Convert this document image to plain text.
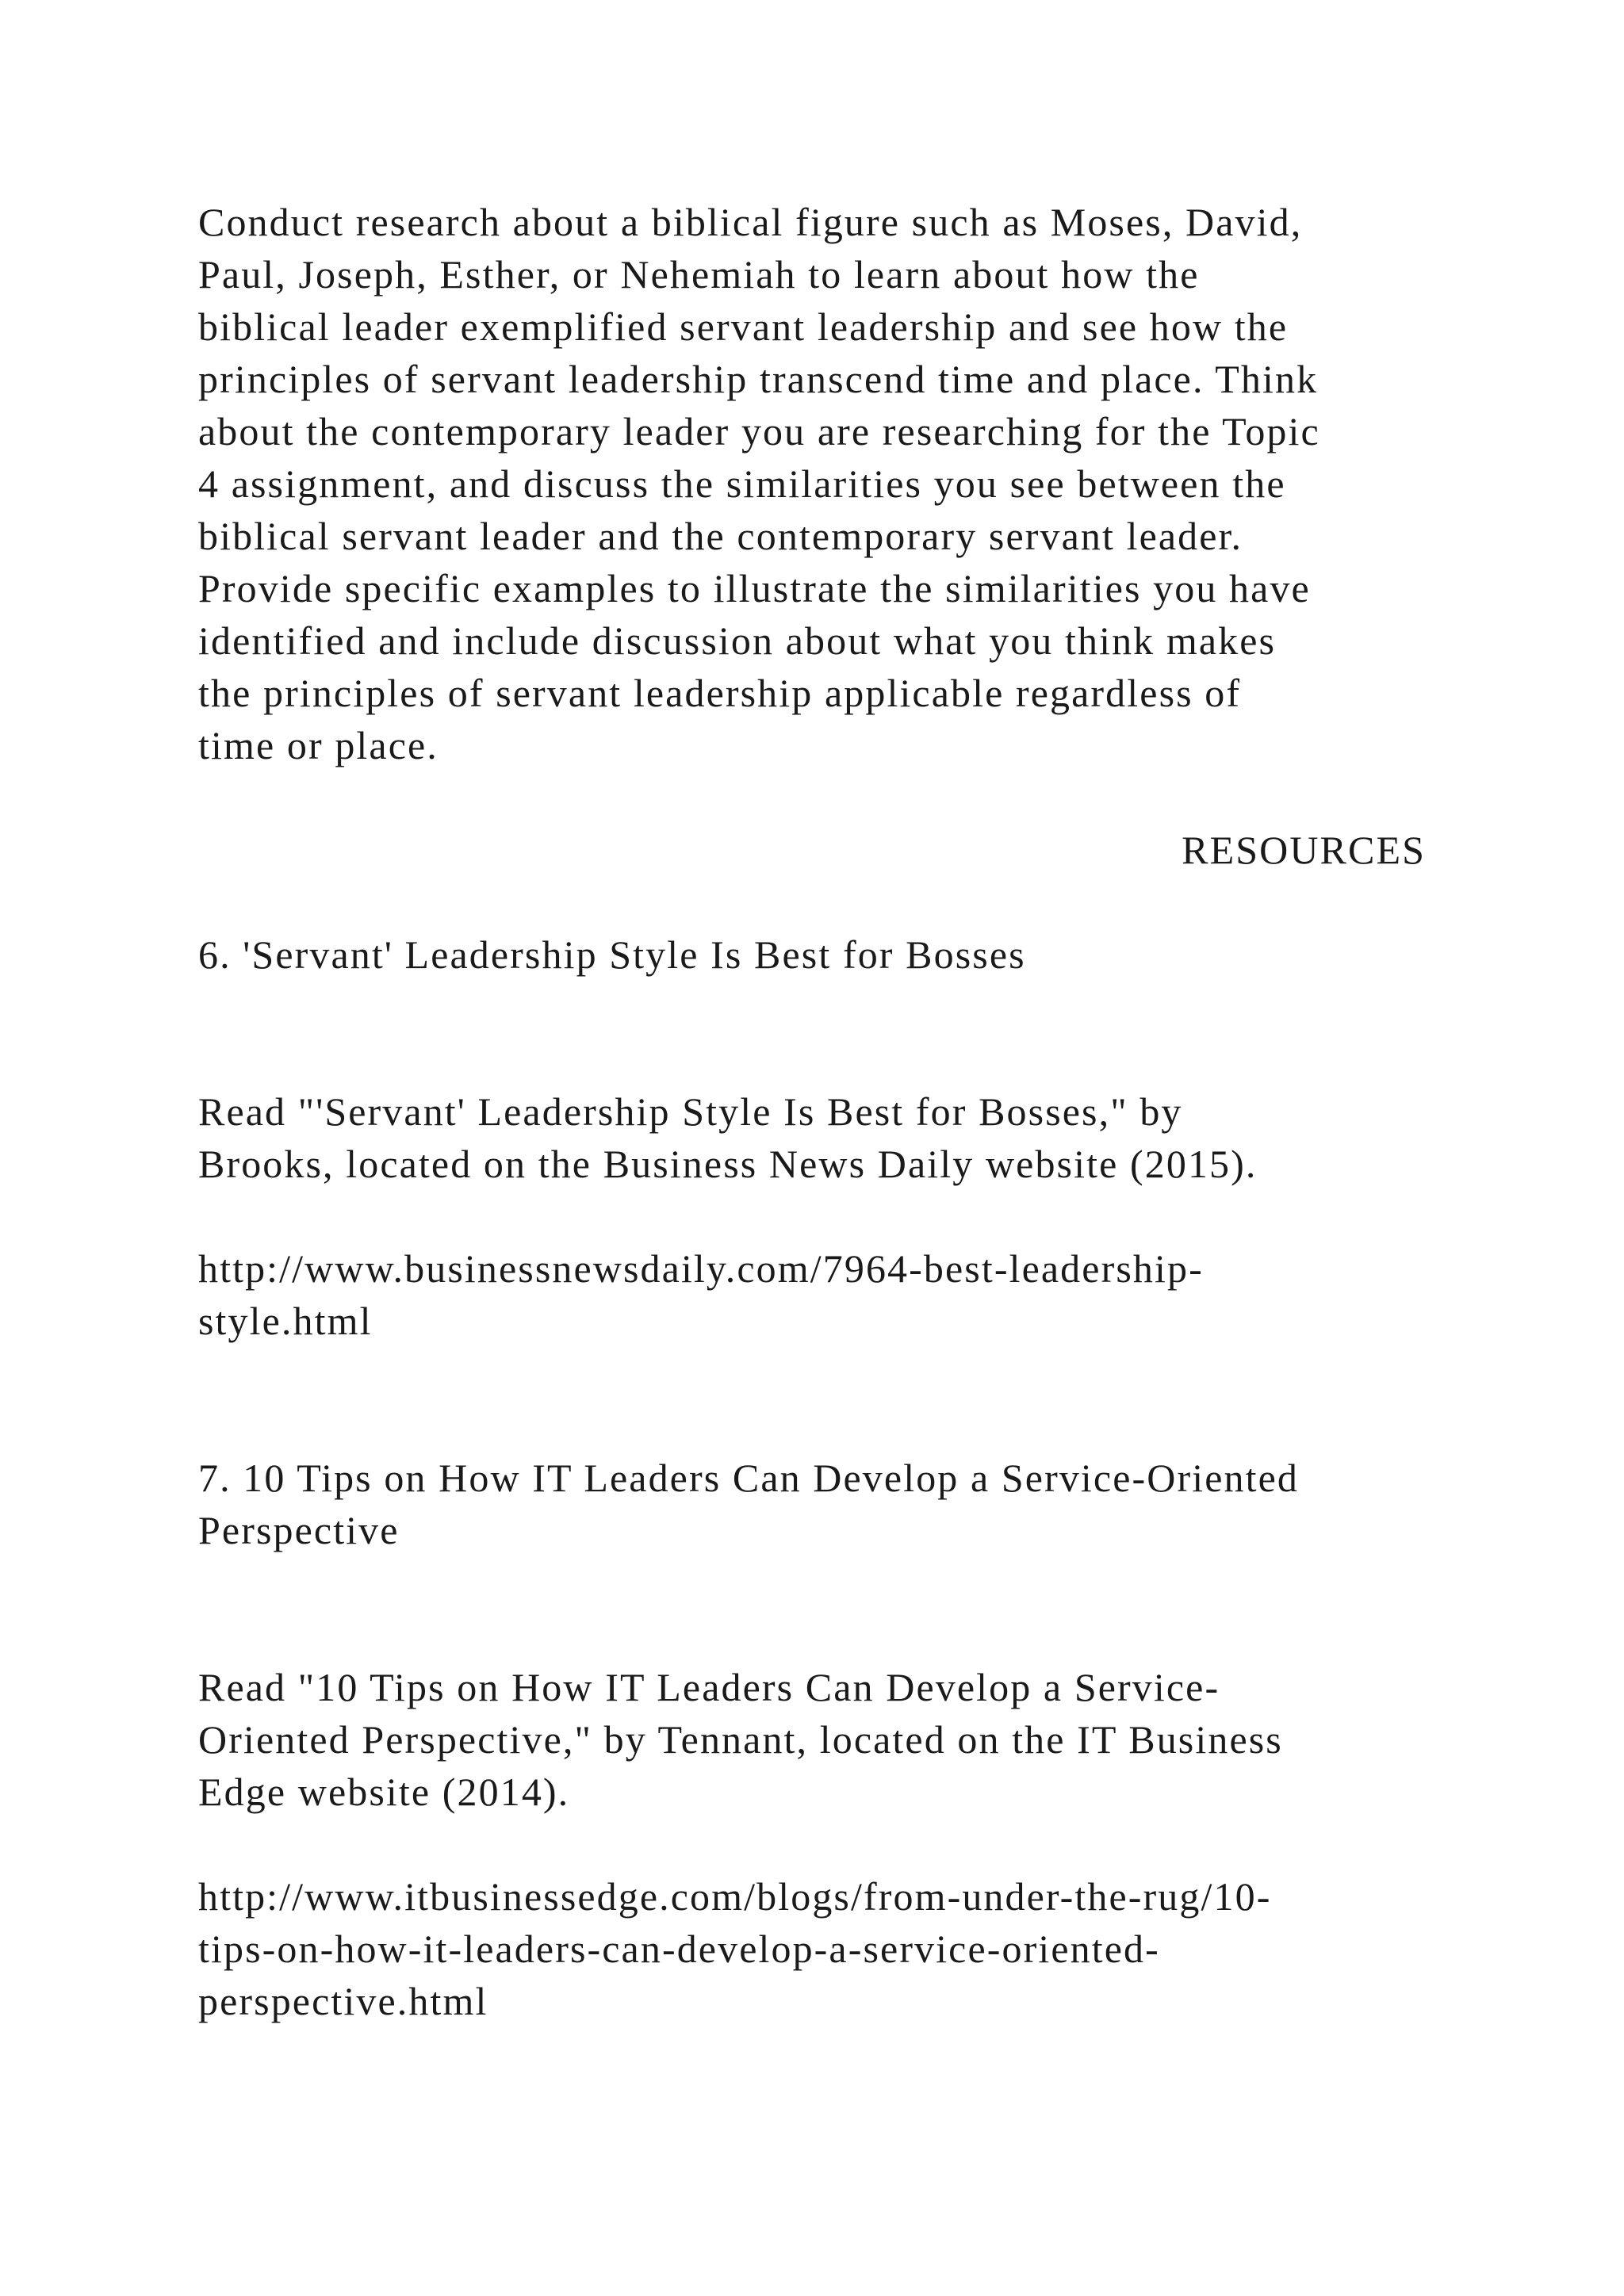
Conduct research about a biblical figure such as Moses, David,

Paul, Joseph, Esther, or Nehemiah to learn about how the

biblical leader exemplified servant leadership and see how the

principles of servant leadership transcend time and place. Think

about the contemporary leader you are researching for the Topic

4 assignment, and discuss the similarities you see between the

biblical servant leader and the contemporary servant leader.

Provide specific examples to illustrate the similarities you have

identified and include discussion about what you think makes

the principles of servant leadership applicable regardless of

time or place.

RESOURCES

6. 'Servant' Leadership Style Is Best for Bosses

Read "'Servant' Leadership Style Is Best for Bosses," by

Brooks, located on the Business News Daily website (2015).

http://www.businessnewsdaily.com/7964-best-leadership-

style.html

7. 10 Tips on How IT Leaders Can Develop a Service-Oriented

Perspective

Read "10 Tips on How IT Leaders Can Develop a Service-

Oriented Perspective," by Tennant, located on the IT Business

Edge website (2014).

http://www.itbusinessedge.com/blogs/from-under-the-rug/10-

tips-on-how-it-leaders-can-develop-a-service-oriented-

perspective.html
